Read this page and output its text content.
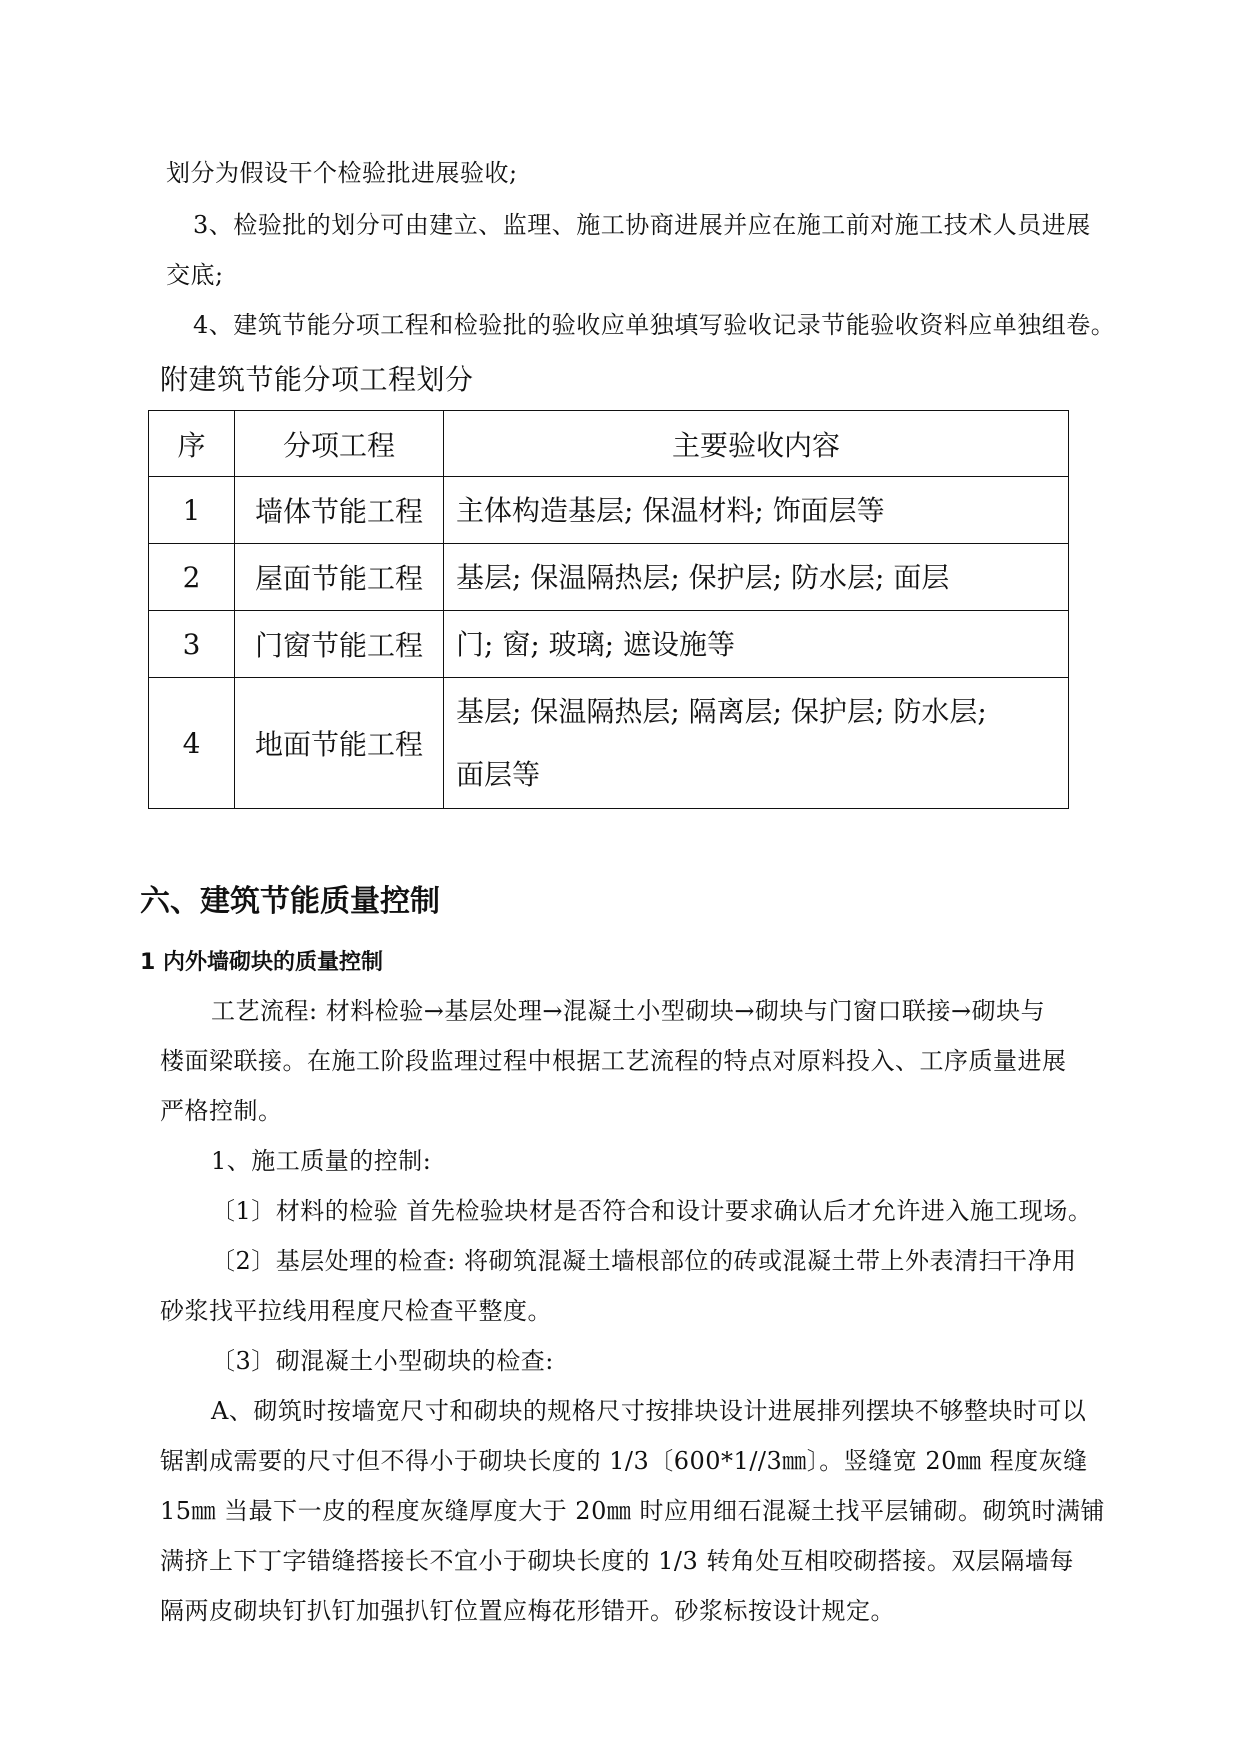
划分为假设干个检验批进展验收;
3、检验批的划分可由建立、监理、施工协商进展并应在施工前对施工技术人员进展
交底;
4、建筑节能分项工程和检验批的验收应单独填写验收记录节能验收资料应单独组卷。
附建筑节能分项工程划分
序	分项工程	主要验收内容
1	墙体节能工程	主体构造基层; 保温材料; 饰面层等
2	屋面节能工程	基层; 保温隔热层; 保护层; 防水层; 面层
3	门窗节能工程	门; 窗; 玻璃; 遮设施等
4	地面节能工程	基层; 保温隔热层; 隔离层; 保护层; 防水层;
面层等
六、建筑节能质量控制
1 内外墙砌块的质量控制
工艺流程: 材料检验→基层处理→混凝土小型砌块→砌块与门窗口联接→砌块与
楼面梁联接。在施工阶段监理过程中根据工艺流程的特点对原料投入、工序质量进展
严格控制。
1、施工质量的控制:
〔1〕材料的检验 首先检验块材是否符合和设计要求确认后才允许进入施工现场。
〔2〕基层处理的检查: 将砌筑混凝土墙根部位的砖或混凝土带上外表清扫干净用
砂浆找平拉线用程度尺检查平整度。
〔3〕砌混凝土小型砌块的检查:
A、砌筑时按墙宽尺寸和砌块的规格尺寸按排块设计进展排列摆块不够整块时可以
锯割成需要的尺寸但不得小于砌块长度的 1/3〔600*1//3㎜〕。竖缝宽 20㎜ 程度灰缝
15㎜ 当最下一皮的程度灰缝厚度大于 20㎜ 时应用细石混凝土找平层铺砌。砌筑时满铺
满挤上下丁字错缝搭接长不宜小于砌块长度的 1/3 转角处互相咬砌搭接。双层隔墙每
隔两皮砌块钉扒钉加强扒钉位置应梅花形错开。砂浆标按设计规定。
